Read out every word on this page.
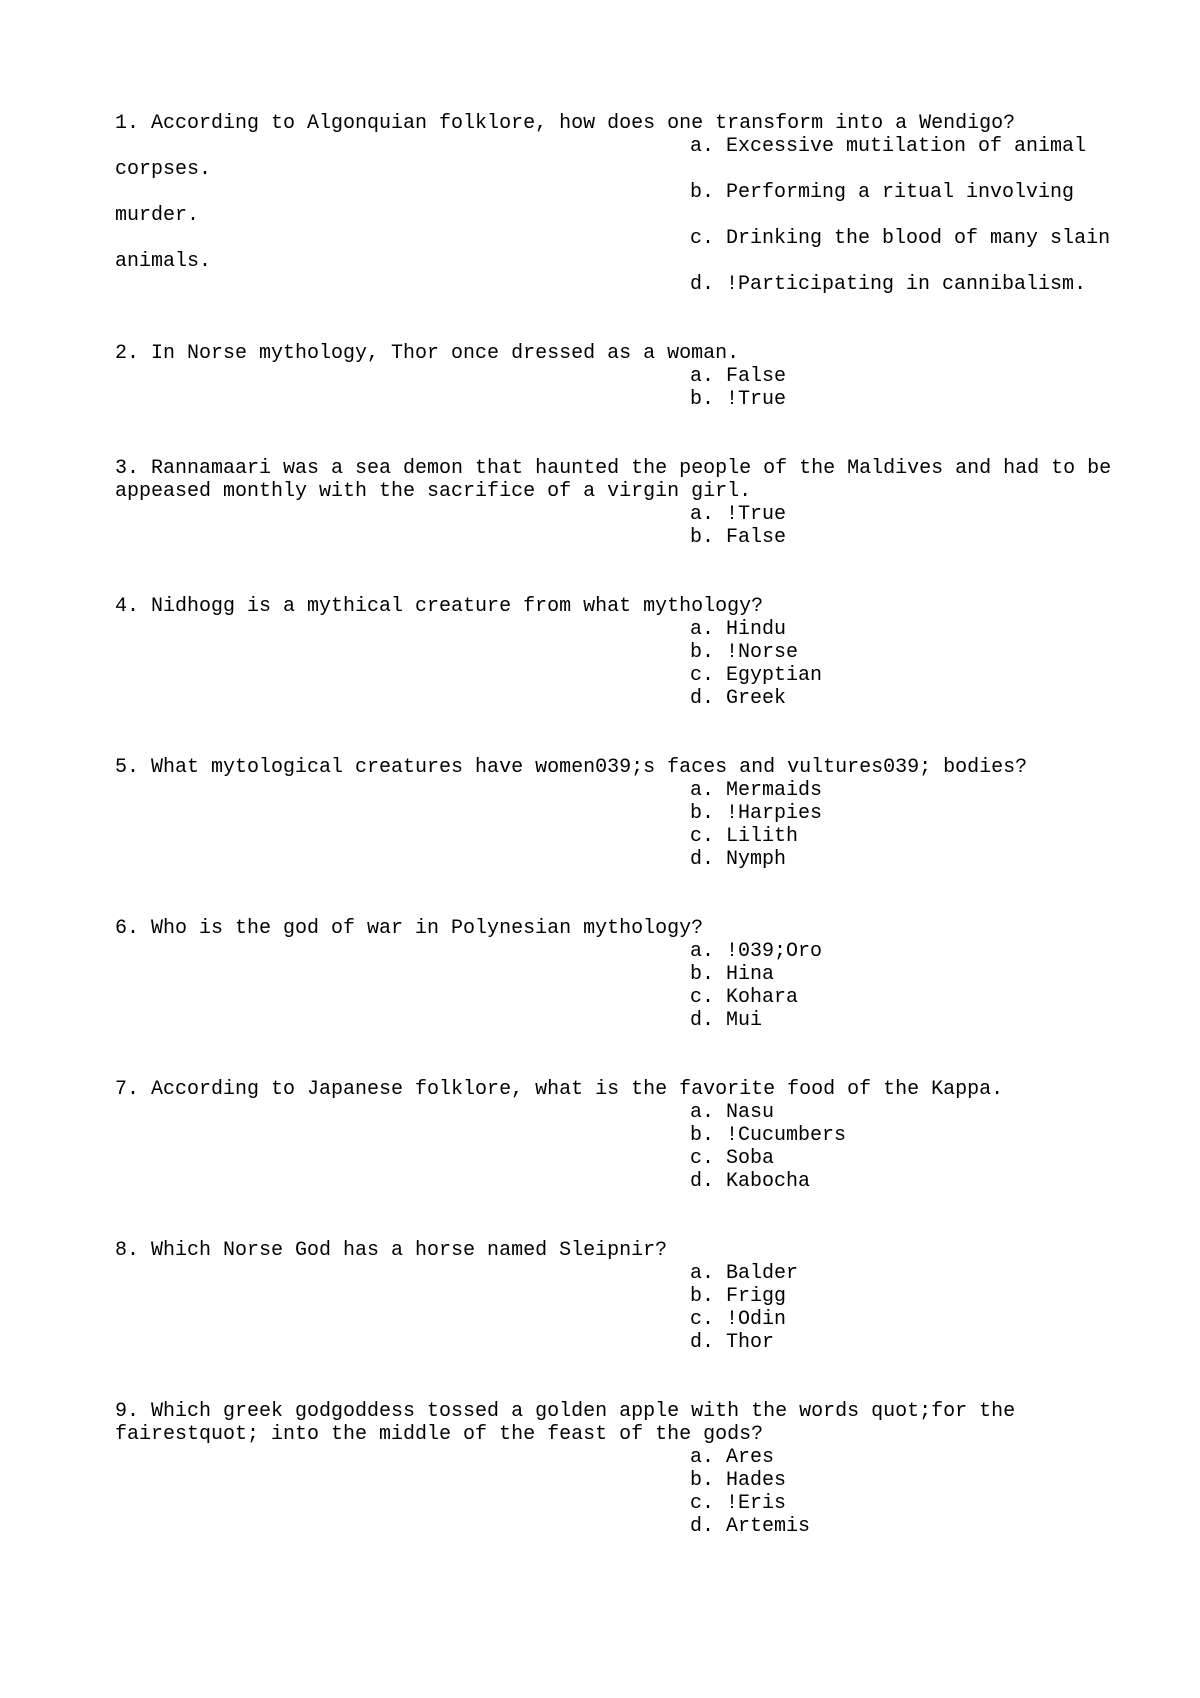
1. According to Algonquian folklore, how does one transform into a Wendigo?

a. Excessive mutilation of animal corpses.
b. Performing a ritual involving murder.
c. Drinking the blood of many slain animals.
d. !Participating in cannibalism.

2. In Norse mythology, Thor once dressed as a woman.

a. False
b. !True

3. Rannamaari was a sea demon that haunted the people of the Maldives and had to be appeased monthly with the sacrifice of a virgin girl.

a. !True
b. False

4. Nidhogg is a mythical creature from what mythology?

a. Hindu
b. !Norse
c. Egyptian
d. Greek

5. What mytological creatures have women039;s faces and vultures039; bodies?

a. Mermaids
b. !Harpies
c. Lilith
d. Nymph

6. Who is the god of war in Polynesian mythology?

a. !039;Oro
b. Hina
c. Kohara
d. Mui

7. According to Japanese folklore, what is the favorite food of the Kappa.

a. Nasu
b. !Cucumbers
c. Soba
d. Kabocha

8. Which Norse God has a horse named Sleipnir?

a. Balder
b. Frigg
c. !Odin
d. Thor

9. Which greek godgoddess tossed a golden apple with the words quot;for the fairestquot; into the middle of the feast of the gods?

a. Ares
b. Hades
c. !Eris
d. Artemis
